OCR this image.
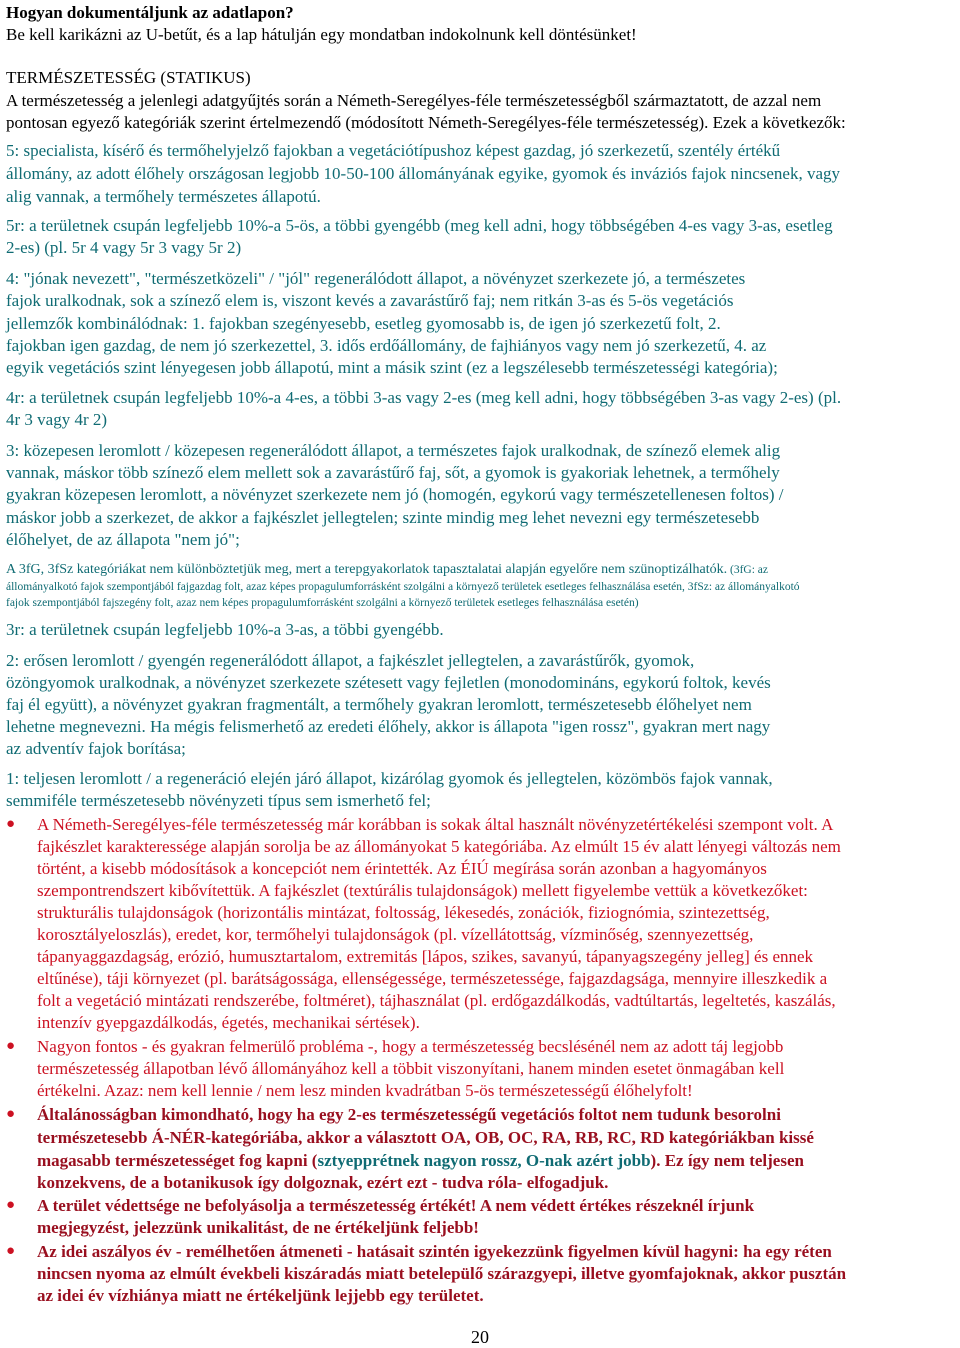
Hogyan dokumentáljunk az adatlapon?
Be kell karikázni az U-betűt, és a lap hátulján egy mondatban indokolnunk kell döntésünket!
TERMÉSZETESSÉG (STATIKUS)
A természetesség a jelenlegi adatgyűjtés során a Németh-Seregélyes-féle természetességből származtatott, de azzal nem
pontosan egyező kategóriák szerint értelmezendő (módosított Németh-Seregélyes-féle természetesség). Ezek a következők:
5: specialista, kísérő és termőhelyjelző fajokban a vegetációtípushoz képest gazdag, jó szerkezetű, szentély értékű
állomány, az adott élőhely országosan legjobb 10-50-100 állományának egyike, gyomok és inváziós fajok nincsenek, vagy
alig vannak, a termőhely természetes állapotú.
5r: a területnek csupán legfeljebb 10%-a 5-ös, a többi gyengébb (meg kell adni, hogy többségében 4-es vagy 3-as, esetleg
2-es) (pl. 5r 4 vagy 5r 3 vagy 5r 2)
4: "jónak nevezett", "természetközeli" / "jól" regenerálódott állapot, a növényzet szerkezete jó, a természetes
fajok uralkodnak, sok a színező elem is, viszont kevés a zavarástűrő faj; nem ritkán 3-as és 5-ös vegetációs
jellemzők kombinálódnak: 1. fajokban szegényesebb, esetleg gyomosabb is, de igen jó szerkezetű folt, 2.
fajokban igen gazdag, de nem jó szerkezettel, 3. idős erdőállomány, de fajhiányos vagy nem jó szerkezetű, 4. az
egyik vegetációs szint lényegesen jobb állapotú, mint a másik szint (ez a legszélesebb természetességi kategória);
4r: a területnek csupán legfeljebb 10%-a 4-es, a többi 3-as vagy 2-es (meg kell adni, hogy többségében 3-as vagy 2-es) (pl.
4r 3 vagy 4r 2)
3: közepesen leromlott / közepesen regenerálódott állapot, a természetes fajok uralkodnak, de színező elemek alig
vannak, máskor több színező elem mellett sok a zavarástűrő faj, sőt, a gyomok is gyakoriak lehetnek, a termőhely
gyakran közepesen leromlott, a növényzet szerkezete nem jó (homogén, egykorú vagy természetellenesen foltos) /
máskor jobb a szerkezet, de akkor a fajkészlet jellegtelen; szinte mindig meg lehet nevezni egy természetesebb
élőhelyet, de az állapota "nem jó";
A 3fG, 3fSz kategóriákat nem különböztetjük meg, mert a terepgyakorlatok tapasztalatai alapján egyelőre nem szünoptizálhatók. (3fG: az
állományalkotó fajok szempontjából fajgazdag folt, azaz képes propagulumforrásként szolgálni a környező területek esetleges felhasználása esetén, 3fSz: az állományalkotó
fajok szempontjából fajszegény folt, azaz nem képes propagulumforrásként szolgálni a környező területek esetleges felhasználása esetén)
3r: a területnek csupán legfeljebb 10%-a 3-as, a többi gyengébb.
2: erősen leromlott / gyengén regenerálódott állapot, a fajkészlet jellegtelen, a zavarástűrők, gyomok,
özöngyomok uralkodnak, a növényzet szerkezete szétesett vagy fejletlen (monodomináns, egykorú foltok, kevés
faj él együtt), a növényzet gyakran fragmentált, a termőhely gyakran leromlott, természetesebb élőhelyet nem
lehetne megnevezni. Ha mégis felismerhető az eredeti élőhely, akkor is állapota "igen rossz", gyakran mert nagy
az adventív fajok borítása;
1: teljesen leromlott / a regeneráció elején járó állapot, kizárólag gyomok és jellegtelen, közömbös fajok vannak,
semmiféle természetesebb növényzeti típus sem ismerhető fel;
● A Németh-Seregélyes-féle természetesség már korábban is sokak által használt növényzetértékelési szempont volt. A
fajkészlet karakteressége alapján sorolja be az állományokat 5 kategóriába. Az elmúlt 15 év alatt lényegi változás nem
történt, a kisebb módosítások a koncepciót nem érintették. Az ÉIÚ megírása során azonban a hagyományos
szempontrendszert kibővítettük. A fajkészlet (textúrális tulajdonságok) mellett figyelembe vettük a következőket:
strukturális tulajdonságok (horizontális mintázat, foltosság, lékesedés, zonációk, fiziognómia, szintezettség,
korosztályeloszlás), eredet, kor, termőhelyi tulajdonságok (pl. vízellátottság, vízminőség, szennyezettség,
tápanyaggazdagság, erózió, humusztartalom, extremitás [lápos, szikes, savanyú, tápanyagszegény jelleg] és ennek
eltűnése), táji környezet (pl. barátságossága, ellenségessége, természetessége, fajgazdagsága, mennyire illeszkedik a
folt a vegetáció mintázati rendszerébe, foltméret), tájhasználat (pl. erdőgazdálkodás, vadtúltartás, legeltetés, kaszálás,
intenzív gyepgazdálkodás, égetés, mechanikai sértések).
● Nagyon fontos - és gyakran felmerülő probléma -, hogy a természetesség becslésénél nem az adott táj legjobb
természetesség állapotban lévő állományához kell a többit viszonyítani, hanem minden esetet önmagában kell
értékelni. Azaz: nem kell lennie / nem lesz minden kvadrátban 5-ös természetességű élőhelyfolt!
● Általánosságban kimondható, hogy ha egy 2-es természetességű vegetációs foltot nem tudunk besorolni
természetesebb Á-NÉR-kategóriába, akkor a választott OA, OB, OC, RA, RB, RC, RD kategóriákban kissé
magasabb természetességet fog kapni (sztyepprétnek nagyon rossz, O-nak azért jobb). Ez így nem teljesen
konzekvens, de a botanikusok így dolgoznak, ezért ezt - tudva róla- elfogadjuk.
● A terület védettsége ne befolyásolja a természetesség értékét! A nem védett értékes részeknél írjunk
megjegyzést, jelezzünk unikalitást, de ne értékeljünk feljebb!
● Az idei aszályos év - remélhetően átmeneti - hatásait szintén igyekezzünk figyelmen kívül hagyni: ha egy réten
nincsen nyoma az elmúlt évekbeli kiszáradás miatt betelepülő szárazgyepi, illetve gyomfajoknak, akkor pusztán
az idei év vízhiánya miatt ne értékeljünk lejjebb egy területet.
20
